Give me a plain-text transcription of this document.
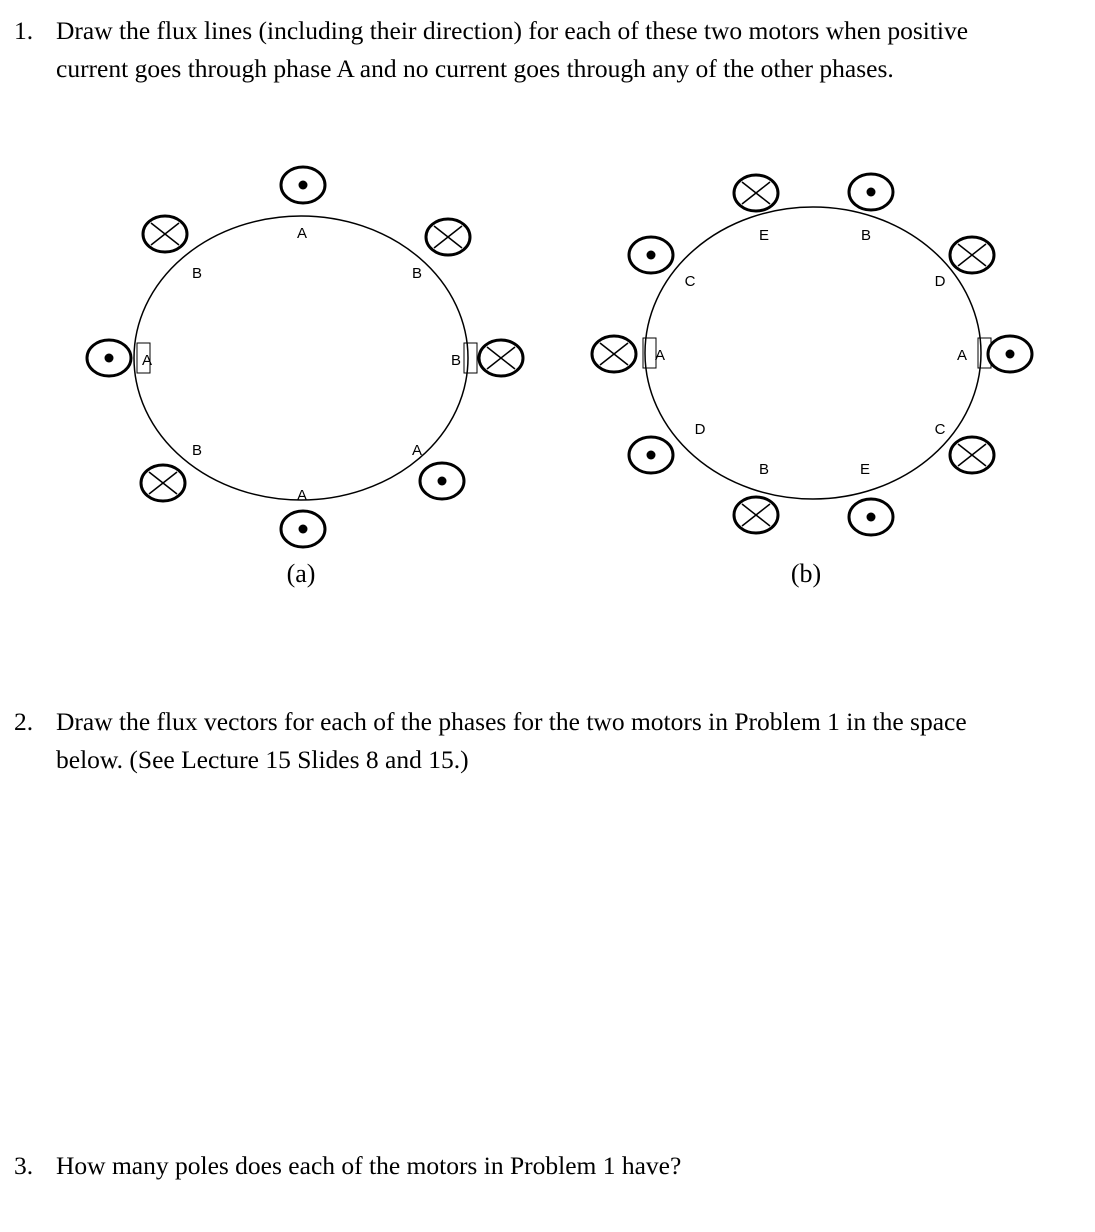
1. Draw the flux lines (including their direction) for each of these two motors when positive
current goes through phase A and no current goes through any of the other phases.
A
B
B
A
A	B
B
A
(a)
E	B
D
A
C
E
B
D
A
C
(b)
2. Draw the flux vectors for each of the phases for the two motors in Problem 1 in the space
below. (See Lecture 15 Slides 8 and 15.)
3. How many poles does each of the motors in Problem 1 have?
